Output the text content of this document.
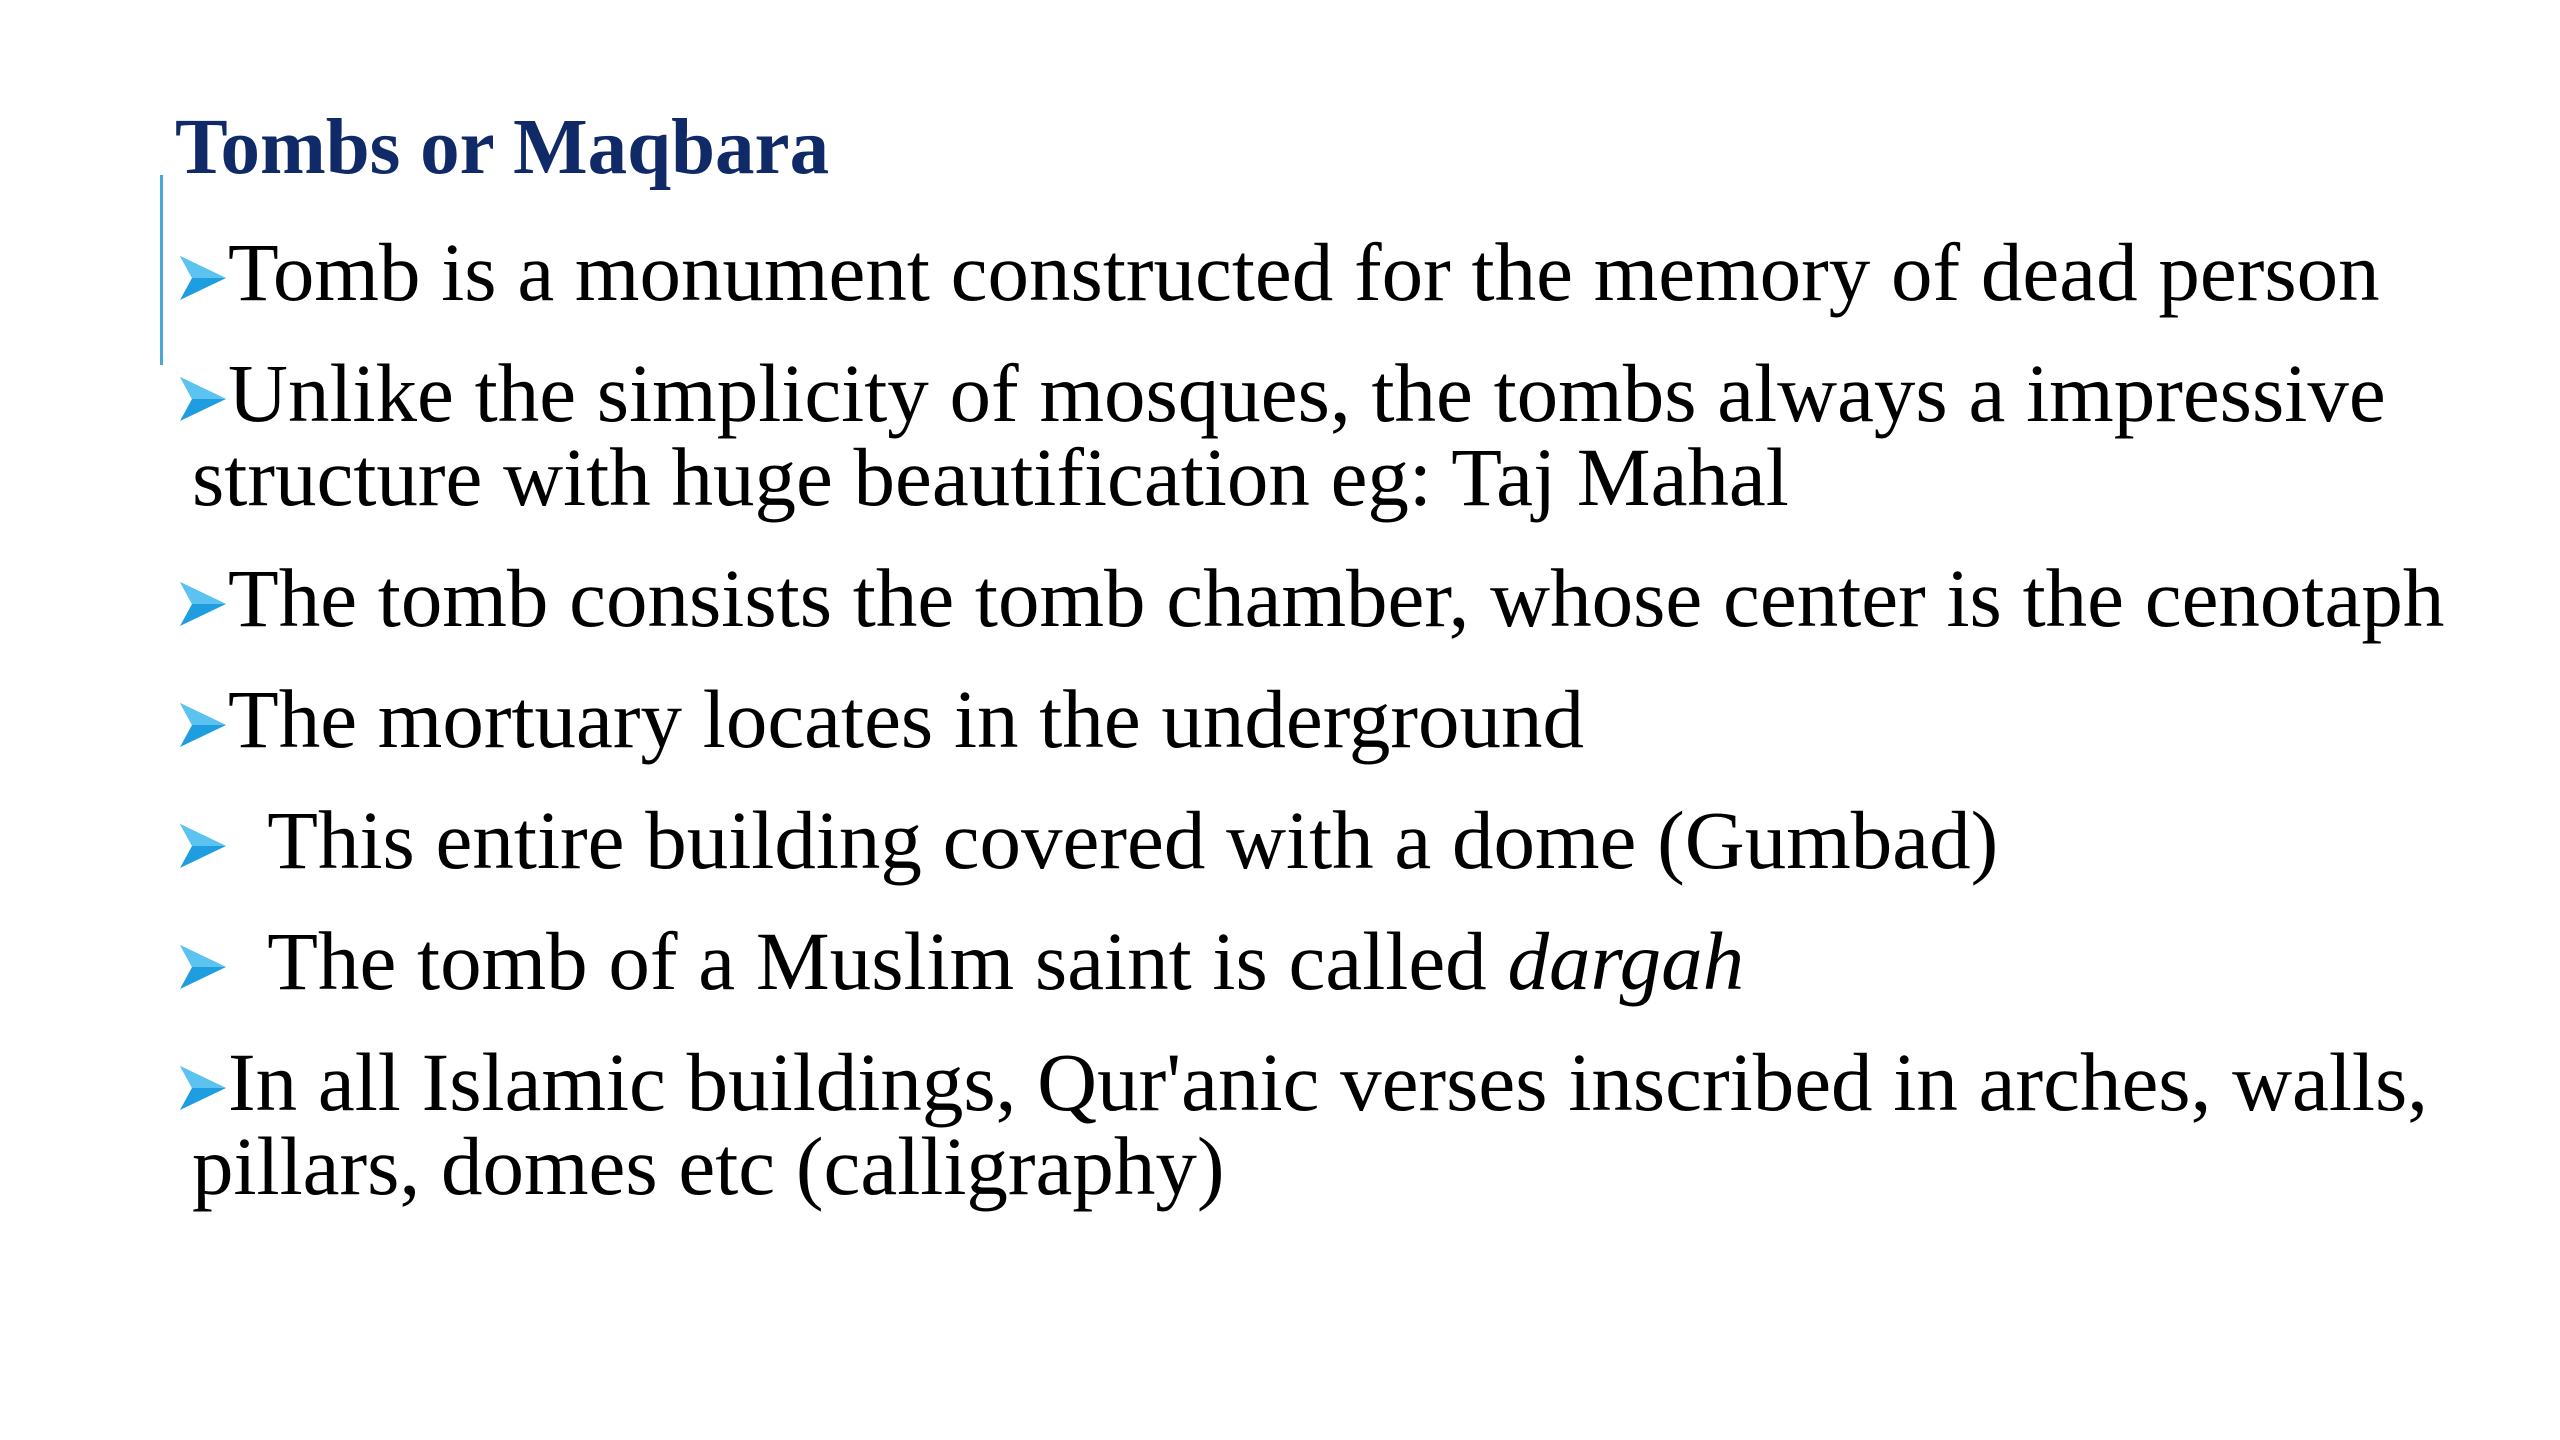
Tombs or Maqbara
Tomb is a monument constructed for the memory of dead person
Unlike the simplicity of mosques, the tombs always a impressive structure with huge beautification eg: Taj Mahal
The tomb consists the tomb chamber, whose center is the cenotaph
The mortuary locates in the underground
This entire building covered with a dome (Gumbad)
The tomb of a Muslim saint is called dargah
In all Islamic buildings, Qur'anic verses inscribed in arches, walls, pillars, domes etc (calligraphy)
